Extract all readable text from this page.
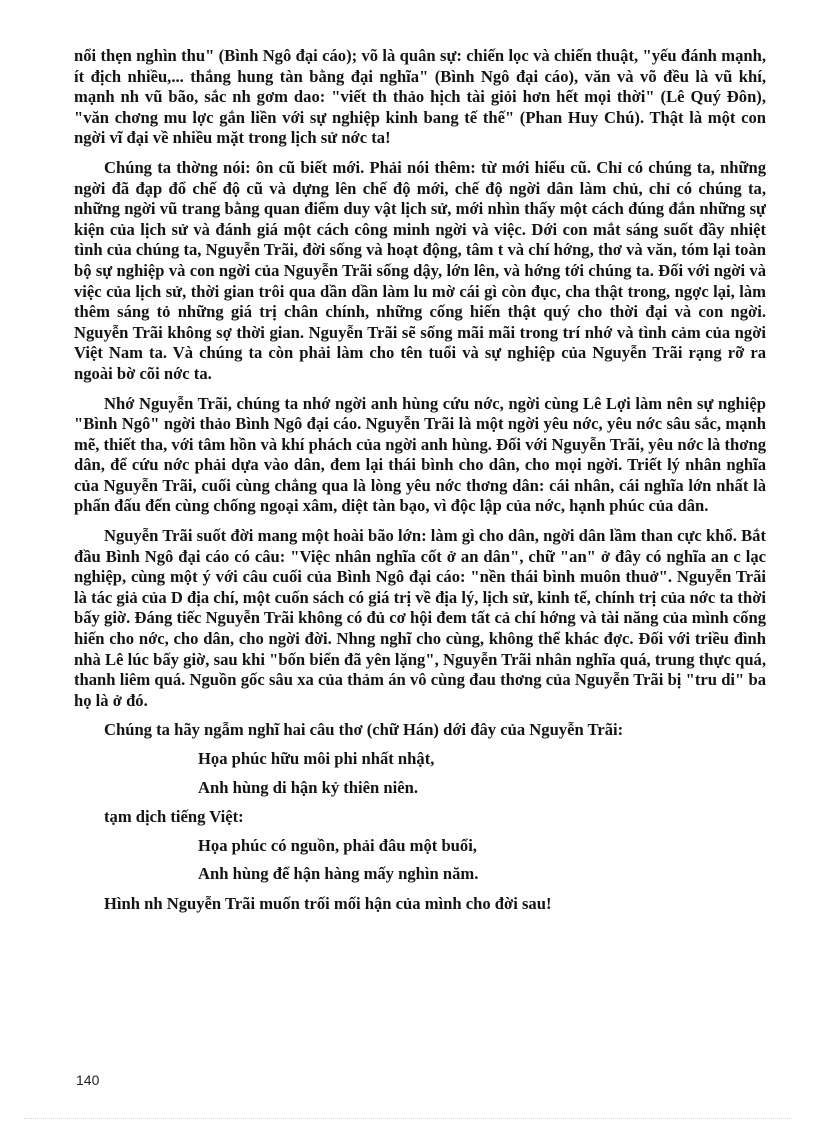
nổi thẹn nghìn thu" (Bình Ngô đại cáo); võ là quân sự: chiến lọc và chiến thuật, "yếu đánh mạnh, ít địch nhiều,... thắng hung tàn bằng đại nghĩa" (Bình Ngô đại cáo), văn và võ đều là vũ khí, mạnh nh vũ bão, sắc nh gơm dao: "viết th thảo hịch tài giỏi hơn hết mọi thời" (Lê Quý Đôn), "văn chơng mu lợc gắn liền với sự nghiệp kinh bang tế thế" (Phan Huy Chú). Thật là một con ngời vĩ đại về nhiều mặt trong lịch sử nớc ta!

Chúng ta thờng nói: ôn cũ biết mới. Phải nói thêm: từ mới hiểu cũ. Chỉ có chúng ta, những ngời đã đạp đổ chế độ cũ và dựng lên chế độ mới, chế độ ngời dân làm chủ, chỉ có chúng ta, những ngời vũ trang bằng quan điểm duy vật lịch sử, mới nhìn thấy một cách đúng đắn những sự kiện của lịch sử và đánh giá một cách công minh ngời và việc. Dới con mắt sáng suốt đầy nhiệt tình của chúng ta, Nguyễn Trãi, đời sống và hoạt động, tâm t và chí hớng, thơ và văn, tóm lại toàn bộ sự nghiệp và con ngời của Nguyễn Trãi sống dậy, lớn lên, và hớng tới chúng ta. Đối với ngời và việc của lịch sử, thời gian trôi qua dần dần làm lu mờ cái gì còn đục, cha thật trong, ngợc lại, làm thêm sáng tỏ những giá trị chân chính, những cống hiến thật quý cho thời đại và con ngời. Nguyễn Trãi không sợ thời gian. Nguyễn Trãi sẽ sống mãi mãi trong trí nhớ và tình cảm của ngời Việt Nam ta. Và chúng ta còn phải làm cho tên tuổi và sự nghiệp của Nguyễn Trãi rạng rỡ ra ngoài bờ cõi nớc ta.

Nhớ Nguyễn Trãi, chúng ta nhớ ngời anh hùng cứu nớc, ngời cùng Lê Lợi làm nên sự nghiệp "Bình Ngô" ngời thảo Bình Ngô đại cáo. Nguyễn Trãi là một ngời yêu nớc, yêu nớc sâu sắc, mạnh mẽ, thiết tha, với tâm hồn và khí phách của ngời anh hùng. Đối với Nguyễn Trãi, yêu nớc là thơng dân, để cứu nớc phải dựa vào dân, đem lại thái bình cho dân, cho mọi ngời. Triết lý nhân nghĩa của Nguyễn Trãi, cuối cùng chẳng qua là lòng yêu nớc thơng dân: cái nhân, cái nghĩa lớn nhất là phấn đấu đến cùng chống ngoại xâm, diệt tàn bạo, vì độc lập của nớc, hạnh phúc của dân.

Nguyễn Trãi suốt đời mang một hoài bão lớn: làm gì cho dân, ngời dân lầm than cực khổ. Bắt đầu Bình Ngô đại cáo có câu: "Việc nhân nghĩa cốt ở an dân", chữ "an" ở đây có nghĩa an c lạc nghiệp, cùng một ý với câu cuối của Bình Ngô đại cáo: "nền thái bình muôn thuở". Nguyễn Trãi là tác giả của D địa chí, một cuốn sách có giá trị về địa lý, lịch sử, kinh tế, chính trị của nớc ta thời bấy giờ. Đáng tiếc Nguyễn Trãi không có đủ cơ hội đem tất cả chí hớng và tài năng của mình cống hiến cho nớc, cho dân, cho ngời đời. Nhng nghĩ cho cùng, không thể khác đợc. Đối với triều đình nhà Lê lúc bấy giờ, sau khi "bốn biển đã yên lặng", Nguyễn Trãi nhân nghĩa quá, trung thực quá, thanh liêm quá. Nguồn gốc sâu xa của thảm án vô cùng đau thơng của Nguyễn Trãi bị "tru di" ba họ là ở đó.

Chúng ta hãy ngẫm nghĩ hai câu thơ (chữ Hán) dới đây của Nguyễn Trãi:
Họa phúc hữu môi phi nhất nhật,
Anh hùng di hận kỷ thiên niên.
tạm dịch tiếng Việt:
Họa phúc có nguồn, phải đâu một buổi,
Anh hùng để hận hàng mấy nghìn năm.
Hình nh Nguyễn Trãi muốn trối mối hận của mình cho đời sau!
140
